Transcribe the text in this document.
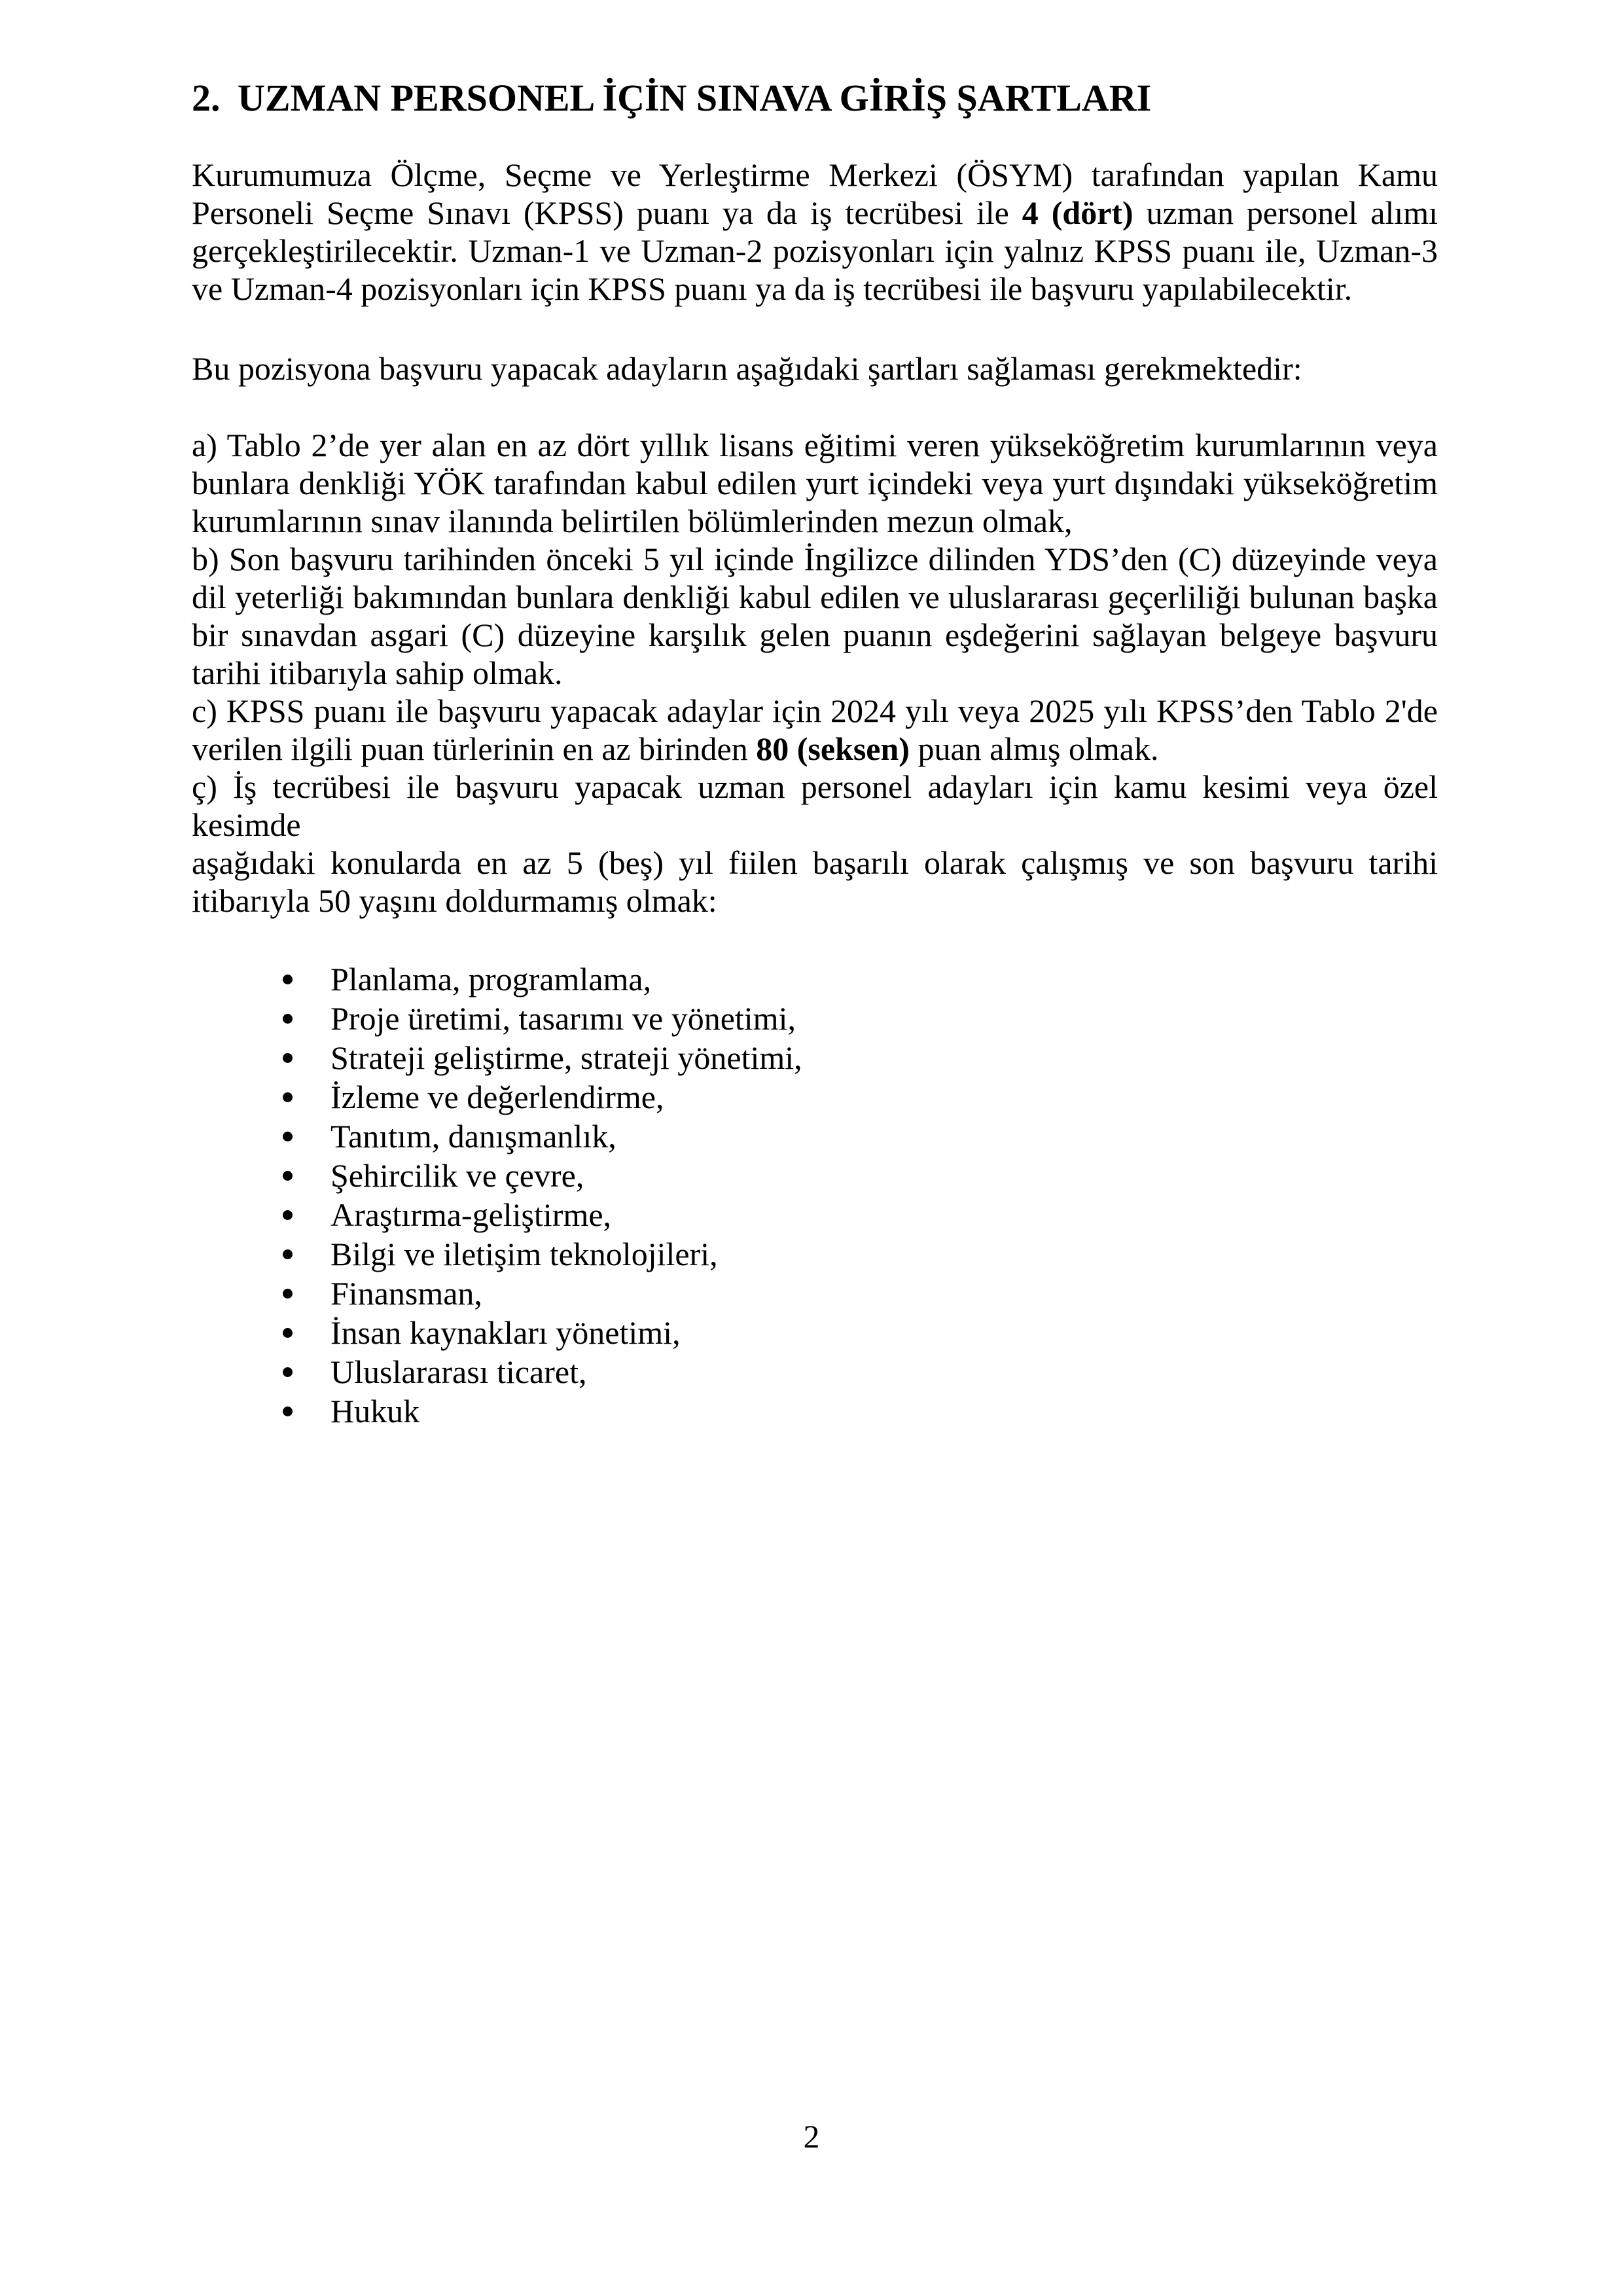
2. UZMAN PERSONEL İÇİN SINAVA GİRİŞ ŞARTLARI
Kurumumuza Ölçme, Seçme ve Yerleştirme Merkezi (ÖSYM) tarafından yapılan Kamu
Personeli Seçme Sınavı (KPSS) puanı ya da iş tecrübesi ile 4 (dört) uzman personel alımı
gerçekleştirilecektir. Uzman-1 ve Uzman-2 pozisyonları için yalnız KPSS puanı ile, Uzman-3
ve Uzman-4 pozisyonları için KPSS puanı ya da iş tecrübesi ile başvuru yapılabilecektir.
Bu pozisyona başvuru yapacak adayların aşağıdaki şartları sağlaması gerekmektedir:
a) Tablo 2’de yer alan en az dört yıllık lisans eğitimi veren yükseköğretim kurumlarının veya
bunlara denkliği YÖK tarafından kabul edilen yurt içindeki veya yurt dışındaki yükseköğretim
kurumlarının sınav ilanında belirtilen bölümlerinden mezun olmak,
b) Son başvuru tarihinden önceki 5 yıl içinde İngilizce dilinden YDS’den (C) düzeyinde veya
dil yeterliği bakımından bunlara denkliği kabul edilen ve uluslararası geçerliliği bulunan başka
bir sınavdan asgari (C) düzeyine karşılık gelen puanın eşdeğerini sağlayan belgeye başvuru
tarihi itibarıyla sahip olmak.
c) KPSS puanı ile başvuru yapacak adaylar için 2024 yılı veya 2025 yılı KPSS’den Tablo 2'de
verilen ilgili puan türlerinin en az birinden 80 (seksen) puan almış olmak.
ç) İş tecrübesi ile başvuru yapacak uzman personel adayları için kamu kesimi veya özel kesimde
aşağıdaki konularda en az 5 (beş) yıl fiilen başarılı olarak çalışmış ve son başvuru tarihi
itibarıyla 50 yaşını doldurmamış olmak:
Planlama, programlama,
Proje üretimi, tasarımı ve yönetimi,
Strateji geliştirme, strateji yönetimi,
İzleme ve değerlendirme,
Tanıtım, danışmanlık,
Şehircilik ve çevre,
Araştırma-geliştirme,
Bilgi ve iletişim teknolojileri,
Finansman,
İnsan kaynakları yönetimi,
Uluslararası ticaret,
Hukuk
2
